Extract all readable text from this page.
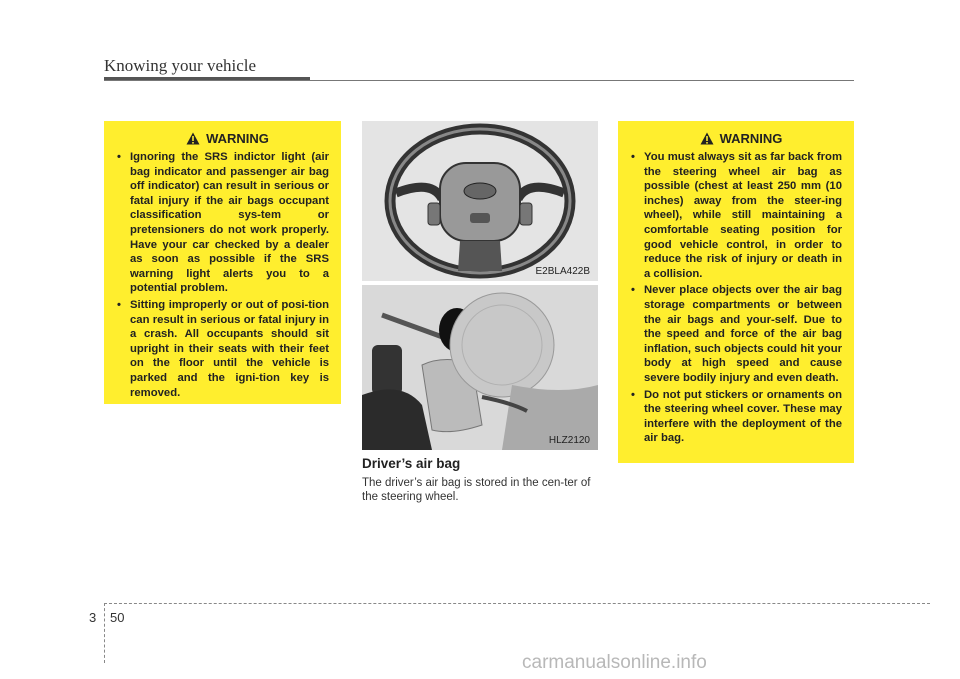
Knowing your vehicle
WARNING
• Ignoring the SRS indictor light (air bag indicator and passenger air bag off indicator) can result in serious or fatal injury if the air bags occupant classification sys-tem or pretensioners do not work properly. Have your car checked by a dealer as soon as possible if the SRS warning light alerts you to a potential problem.
• Sitting improperly or out of posi-tion can result in serious or fatal injury in a crash. All occupants should sit upright in their seats with their feet on the floor until the vehicle is parked and the igni-tion key is removed.
E2BLA422B
HLZ2120
Driver’s air bag
The driver’s air bag is stored in the cen-ter of the steering wheel.
WARNING
• You must always sit as far back from the steering wheel air bag as possible (chest at least 250 mm (10 inches) away from the steer-ing wheel), while still maintaining a comfortable seating position for good vehicle control, in order to reduce the risk of injury or death in a collision.
• Never place objects over the air bag storage compartments or between the air bags and your-self. Due to the speed and force of the air bag inflation, such objects could hit your body at high speed and cause severe bodily injury and even death.
• Do not put stickers or ornaments on the steering wheel cover. These may interfere with the deployment of the air bag.
3 50
carmanualsonline.info
